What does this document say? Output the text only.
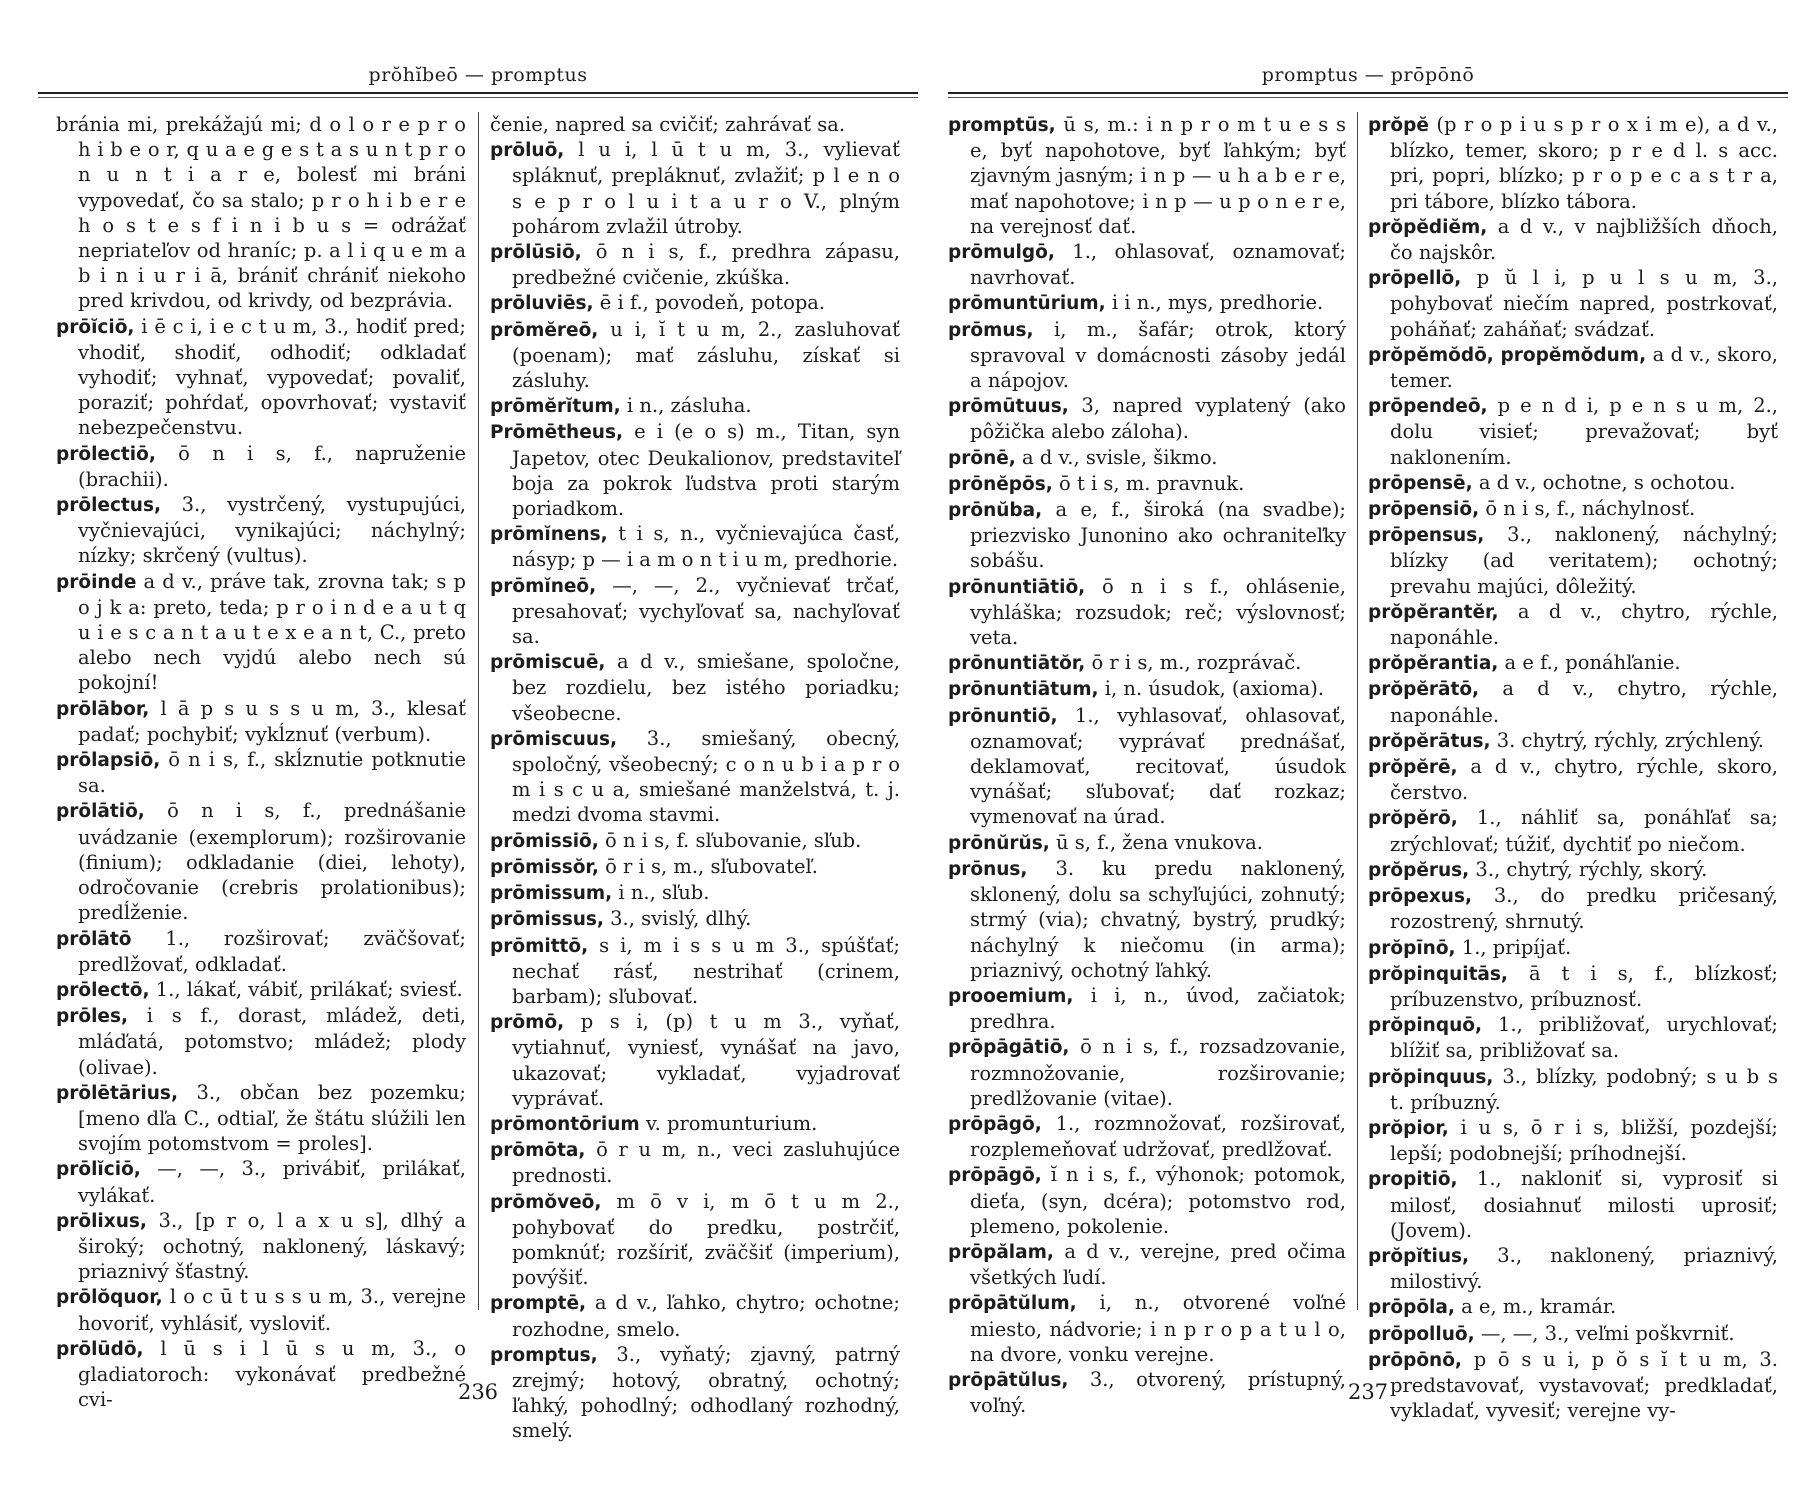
prŏhĭbeō — promptus

bránia mi, prekážajú mi; d o l o r e p r o h i b e o r, q u a e g e s t a s u n t p r o n u n t i a r e, bolesť mi bráni vypovedať, čo sa stalo; p r o h i b e r e h o s t e s f i n i b u s = odrážať nepriateľov od hraníc; p. a l i q u e m a b i n i u r i ā, brániť chrániť niekoho pred krivdou, od krivdy, od bezprávia.

prōĭciō, i ē c i, i e c t u m, 3., hodiť pred; vhodiť, shodiť, odhodiť; odkladať vyhodiť; vyhnať, vypovedať; povaliť, poraziť; pohŕdať, opovrhovať; vystaviť nebezpečenstvu.

prōlectiō, ō n i s, f., napruženie (brachii).

prōlectus, 3., vystrčený, vystupujúci, vyčnievajúci, vynikajúci; náchylný; nízky; skrčený (vultus).

prōinde a d v., práve tak, zrovna tak; s p o j k a: preto, teda; p r o i n d e a u t q u i e s c a n t a u t e x e a n t, C., preto alebo nech vyjdú alebo nech sú pokojní!

prōlābor, l ā p s u s s u m, 3., klesať padať; pochybiť; vykĺznuť (verbum).

prōlapsiō, ō n i s, f., skĺznutie potknutie sa.

prōlātiō, ō n i s, f., prednášanie uvádzanie (exemplorum); rozširovanie (finium); odkladanie (diei, lehoty), odročovanie (crebris prolationibus); predĺženie.

prōlātō 1., rozširovať; zväčšovať; predlžovať, odkladať.

prōlectō, 1., lákať, vábiť, prilákať; sviesť.

prōles, i s f., dorast, mládež, deti, mláďatá, potomstvo; mládež; plody (olivae).

prōlētārius, 3., občan bez pozemku; [meno dľa C., odtiaľ, že štátu slúžili len svojím potomstvom = proles].

prōlĭciō, —, —, 3., privábiť, prilákať, vylákať.

prōlixus, 3., [p r o, l a x u s], dlhý a široký; ochotný, naklonený, láskavý; priaznivý šťastný.

prōlŏquor, l o c ū t u s s u m, 3., verejne hovoriť, vyhlásiť, vysloviť.

prōlūdō, l ū s i l ū s u m, 3., o gladiatoroch: vykonávať predbežné cvi-

čenie, napred sa cvičiť; zahrávať sa.

prōluō, l u i, l ū t u m, 3., vylievať spláknuť, prepláknuť, zvlažiť; p l e n o s e p r o l u i t a u r o V., plným pohárom zvlažil útroby.

prōlūsiō, ō n i s, f., predhra zápasu, predbežné cvičenie, zkúška.

prōluviēs, ē i f., povodeň, potopa.

prōmĕreō, u i, ĭ t u m, 2., zasluhovať (poenam); mať zásluhu, získať si zásluhy.

prōmĕrĭtum, i n., zásluha.

Prōmētheus, e i (e o s) m., Titan, syn Japetov, otec Deukalionov, predstaviteľ boja za pokrok ľudstva proti starým poriadkom.

prōmĭnens, t i s, n., vyčnievajúca časť, násyp; p — i a m o n t i u m, predhorie.

prōmĭneō, —, —, 2., vyčnievať trčať, presahovať; vychyľovať sa, nachyľovať sa.

prōmiscuē, a d v., smiešane, spoločne, bez rozdielu, bez istého poriadku; všeobecne.

prōmiscuus, 3., smiešaný, obecný, spoločný, všeobecný; c o n u b i a p r o m i s c u a, smiešané manželstvá, t. j. medzi dvoma stavmi.

prōmissiō, ō n i s, f. sľubovanie, sľub.

prōmissŏr, ō r i s, m., sľubovateľ.

prōmissum, i n., sľub.

prōmissus, 3., svislý, dlhý.

prōmittō, s i, m i s s u m 3., spúšťať; nechať rásť, nestrihať (crinem, barbam); sľubovať.

prōmō, p s i, (p) t u m 3., vyňať, vytiahnuť, vyniesť, vynášať na javo, ukazovať; vykladať, vyjadrovať vyprávať.

prōmontōrium v. promunturium.

prōmōta, ō r u m, n., veci zasluhujúce prednosti.

prōmŏveō, m ō v i, m ō t u m 2., pohybovať do predku, postrčiť, pomknúť; rozšíriť, zväčšiť (imperium), povýšiť.

promptē, a d v., ľahko, chytro; ochotne; rozhodne, smelo.

promptus, 3., vyňatý; zjavný, patrný zrejmý; hotový, obratný, ochotný; ľahký, pohodlný; odhodlaný rozhodný, smelý.

236
promptus — prōpōnō

promptūs, ū s, m.: i n p r o m t u e s s e, byť napohotove, byť ľahkým; byť zjavným jasným; i n p — u h a b e r e, mať napohotove; i n p — u p o n e r e, na verejnosť dať.

prōmulgō, 1., ohlasovať, oznamovať; navrhovať.

prōmuntūrium, i i n., mys, predhorie.

prōmus, i, m., šafár; otrok, ktorý spravoval v domácnosti zásoby jedál a nápojov.

prōmūtuus, 3, napred vyplatený (ako pôžička alebo záloha).

prōnē, a d v., svisle, šikmo.

prōnĕpōs, ō t i s, m. pravnuk.

prōnŭba, a e, f., široká (na svadbe); priezvisko Junonino ako ochraniteľky sobášu.

prōnuntiātiō, ō n i s f., ohlásenie, vyhláška; rozsudok; reč; výslovnosť; veta.

prōnuntiātŏr, ō r i s, m., rozprávač.

prōnuntiātum, i, n. úsudok, (axioma).

prōnuntiō, 1., vyhlasovať, ohlasovať, oznamovať; vyprávať prednášať, deklamovať, recitovať, úsudok vynášať; sľubovať; dať rozkaz; vymenovať na úrad.

prōnŭrŭs, ū s, f., žena vnukova.

prōnus, 3. ku predu naklonený, sklonený, dolu sa schyľujúci, zohnutý; strmý (via); chvatný, bystrý, prudký; náchylný k niečomu (in arma); priaznivý, ochotný ľahký.

prooemium, i i, n., úvod, začiatok; predhra.

prōpāgātiō, ō n i s, f., rozsadzovanie, rozmnožovanie, rozširovanie; predlžovanie (vitae).

prōpāgō, 1., rozmnožovať, rozširovať, rozplemeňovať udržovať, predlžovať.

prōpāgō, ĭ n i s, f., výhonok; potomok, dieťa, (syn, dcéra); potomstvo rod, plemeno, pokolenie.

prōpălam, a d v., verejne, pred očima všetkých ľudí.

prōpātŭlum, i, n., otvorené voľné miesto, nádvorie; i n p r o p a t u l o, na dvore, vonku verejne.

prōpātŭlus, 3., otvorený, prístupný, voľný.

prŏpĕ (p r o p i u s p r o x i m e), a d v., blízko, temer, skoro; p r e d l. s acc. pri, popri, blízko; p r o p e c a s t r a, pri tábore, blízko tábora.

prŏpĕdiĕm, a d v., v najbližších dňoch, čo najskôr.

prōpellō, p ŭ l i, p u l s u m, 3., pohybovať niečím napred, postrkovať, poháňať; zaháňať; svádzať.

prŏpĕmŏdō, propĕmŏdum, a d v., skoro, temer.

prōpendeō, p e n d i, p e n s u m, 2., dolu visieť; prevažovať; byť naklonením.

prōpensē, a d v., ochotne, s ochotou.

prōpensiō, ō n i s, f., náchylnosť.

prōpensus, 3., naklonený, náchylný; blízky (ad veritatem); ochotný; prevahu majúci, dôležitý.

prŏpĕrantĕr, a d v., chytro, rýchle, naponáhle.

prŏpĕrantia, a e f., ponáhľanie.

prŏpĕrātō, a d v., chytro, rýchle, naponáhle.

prŏpĕrātus, 3. chytrý, rýchly, zrýchlený.

prŏpĕrē, a d v., chytro, rýchle, skoro, čerstvo.

prŏpĕrō, 1., náhliť sa, ponáhľať sa; zrýchlovať; túžiť, dychtiť po niečom.

prŏpĕrus, 3., chytrý, rýchly, skorý.

prōpexus, 3., do predku pričesaný, rozostrený, shrnutý.

prŏpīnō, 1., pripíjať.

prŏpinquitās, ā t i s, f., blízkosť; príbuzenstvo, príbuznosť.

prŏpinquō, 1., približovať, urychlovať; blížiť sa, približovať sa.

prŏpinquus, 3., blízky, podobný; s u b s t. príbuzný.

prŏpior, i u s, ō r i s, bližší, pozdejší; lepší; podobnejší; príhodnejší.

propitiō, 1., nakloniť si, vyprosiť si milosť, dosiahnuť milosti uprosiť; (Jovem).

prŏpĭtius, 3., naklonený, priaznivý, milostivý.

prōpōla, a e, m., kramár.

prōpolluō, —, —, 3., veľmi poškvrniť.

prōpōnō, p ō s u i, p ŏ s ĭ t u m, 3. predstavovať, vystavovať; predkladať, vykladať, vyvesiť; verejne vy-

237
